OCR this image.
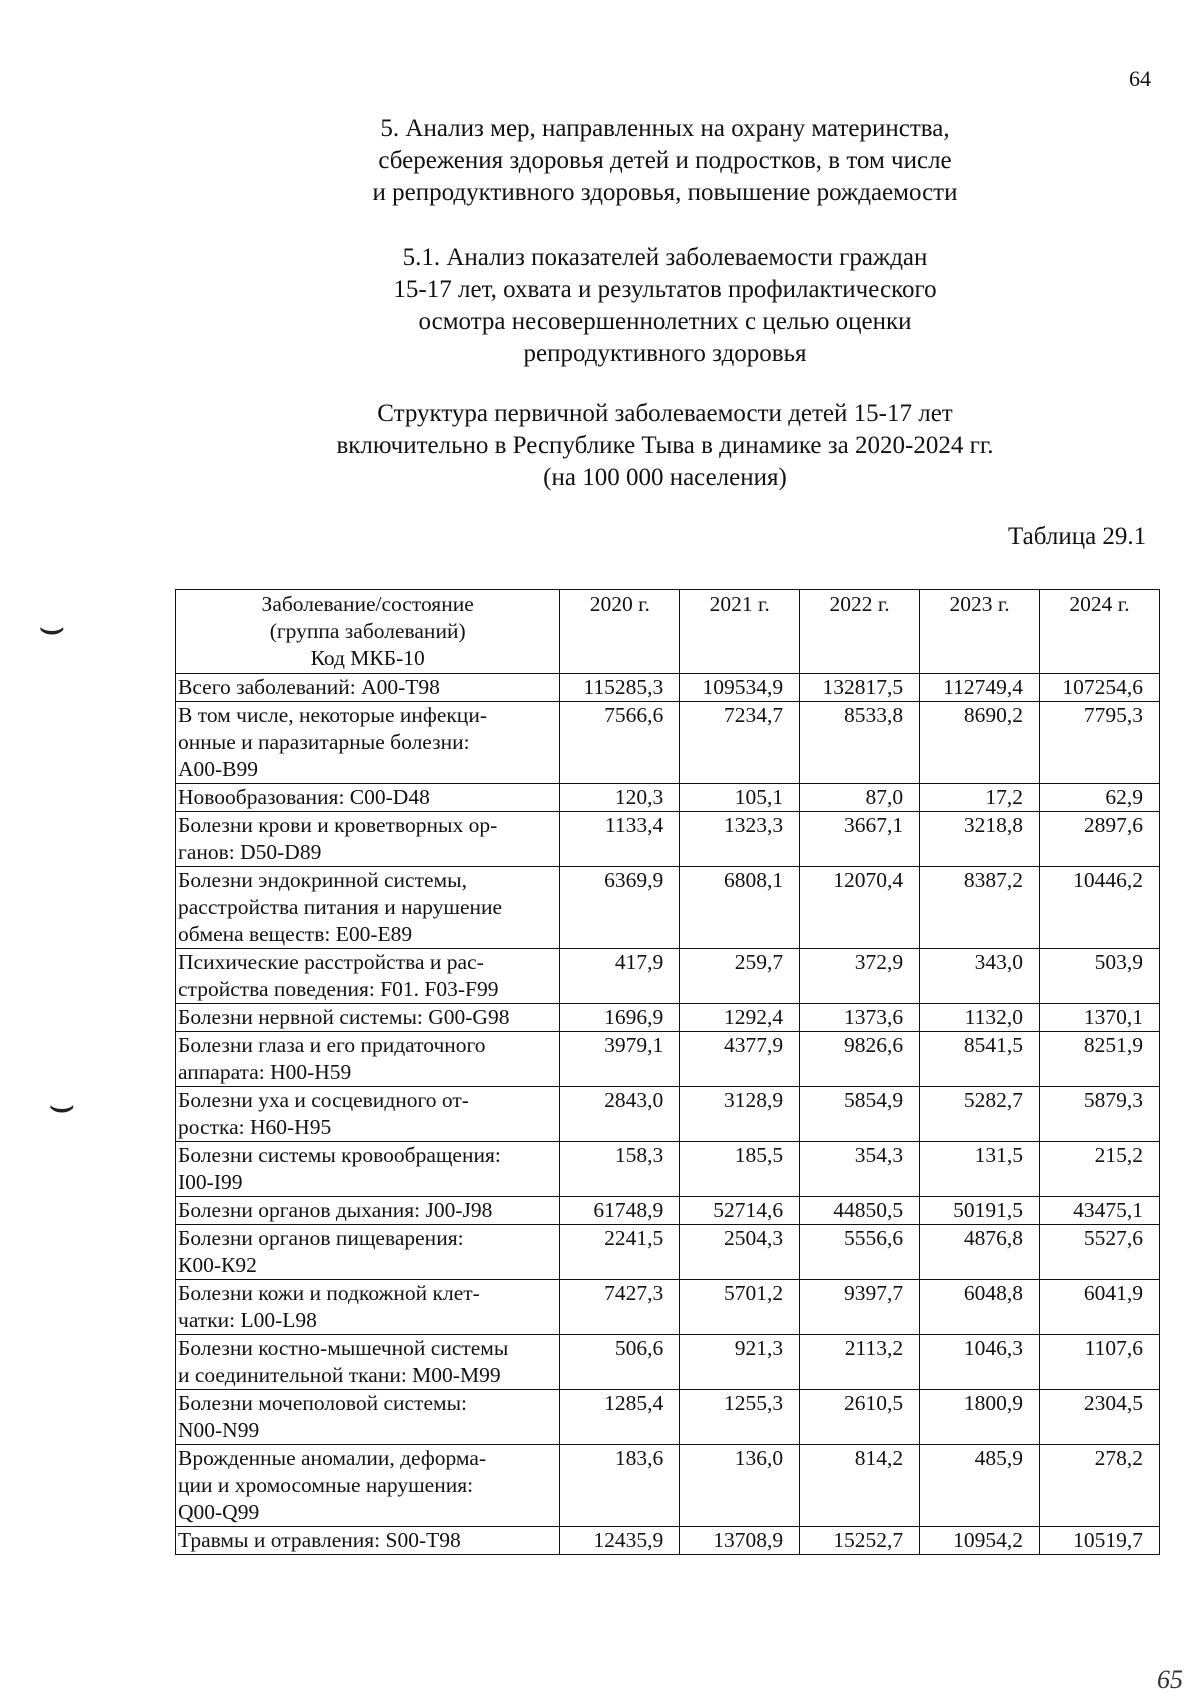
64
5. Анализ мер, направленных на охрану материнства,
сбережения здоровья детей и подростков, в том числе
и репродуктивного здоровья, повышение рождаемости
5.1. Анализ показателей заболеваемости граждан
15-17 лет, охвата и результатов профилактического
осмотра несовершеннолетних с целью оценки
репродуктивного здоровья
Структура первичной заболеваемости детей 15-17 лет
включительно в Республике Тыва в динамике за 2020-2024 гг.
(на 100 000 населения)
Таблица 29.1
Заболевание/состояние
(группа заболеваний)
Код МКБ-10	2020 г.	2021 г.	2022 г.	2023 г.	2024 г.

Всего заболеваний: А00-Т98	115285,3	109534,9	132817,5	112749,4	107254,6

В том числе, некоторые инфекци-
онные и паразитарные болезни:
А00-В99	7566,6	7234,7	8533,8	8690,2	7795,3

Новообразования: С00-D48	120,3	105,1	87,0	17,2	62,9

Болезни крови и кроветворных ор-
ганов: D50-D89	1133,4	1323,3	3667,1	3218,8	2897,6

Болезни эндокринной системы,
расстройства питания и нарушение
обмена веществ: Е00-Е89	6369,9	6808,1	12070,4	8387,2	10446,2

Психические расстройства и рас-
стройства поведения: F01. F03-F99	417,9	259,7	372,9	343,0	503,9

Болезни нервной системы: G00-G98	1696,9	1292,4	1373,6	1132,0	1370,1

Болезни глаза и его придаточного
аппарата: Н00-Н59	3979,1	4377,9	9826,6	8541,5	8251,9

Болезни уха и сосцевидного от-
ростка: Н60-Н95	2843,0	3128,9	5854,9	5282,7	5879,3

Болезни системы кровообращения:
I00-I99	158,3	185,5	354,3	131,5	215,2

Болезни органов дыхания: J00-J98	61748,9	52714,6	44850,5	50191,5	43475,1

Болезни органов пищеварения:
К00-К92	2241,5	2504,3	5556,6	4876,8	5527,6

Болезни кожи и подкожной клет-
чатки: L00-L98	7427,3	5701,2	9397,7	6048,8	6041,9

Болезни костно-мышечной системы
и соединительной ткани: М00-М99	506,6	921,3	2113,2	1046,3	1107,6

Болезни мочеполовой системы:
N00-N99	1285,4	1255,3	2610,5	1800,9	2304,5

Врожденные аномалии, деформа-
ции и хромосомные нарушения:
Q00-Q99	183,6	136,0	814,2	485,9	278,2

Травмы и отравления: S00-Т98	12435,9	13708,9	15252,7	10954,2	10519,7
⌣
⌣
65
